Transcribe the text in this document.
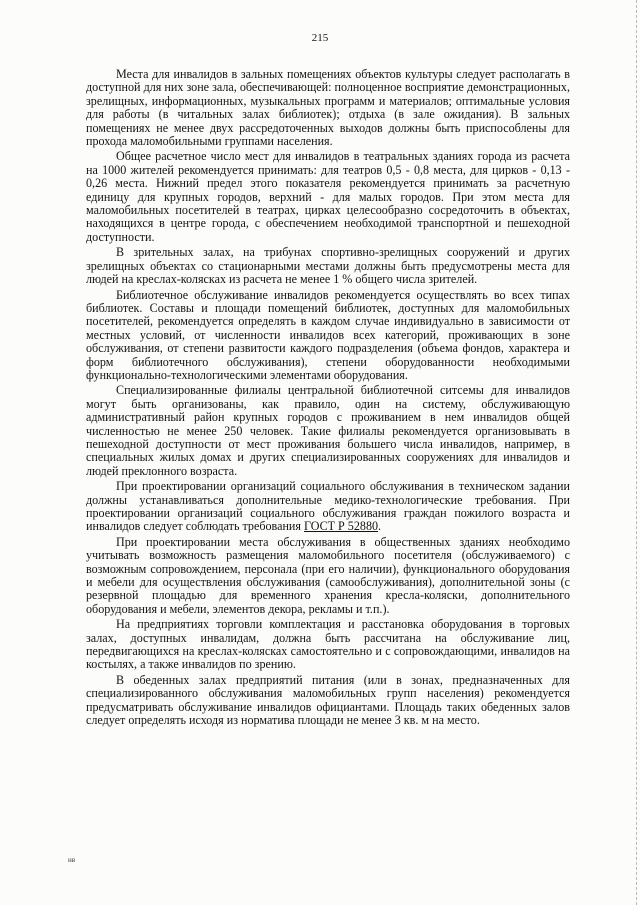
215

Места для инвалидов в зальных помещениях объектов культуры следует располагать в доступной для них зоне зала, обеспечивающей: полноценное восприятие демонстрационных, зрелищных, информационных, музыкальных программ и материалов; оптимальные условия для работы (в читальных залах библиотек); отдыха (в зале ожидания). В зальных помещениях не менее двух рассредоточенных выходов должны быть приспособлены для прохода маломобильными группами населения.

Общее расчетное число мест для инвалидов в театральных зданиях города из расчета на 1000 жителей рекомендуется принимать: для театров 0,5 - 0,8 места, для цирков - 0,13 - 0,26 места. Нижний предел этого показателя рекомендуется принимать за расчетную единицу для крупных городов, верхний - для малых городов. При этом места для маломобильных посетителей в театрах, цирках целесообразно сосредоточить в объектах, находящихся в центре города, с обеспечением необходимой транспортной и пешеходной доступности.

В зрительных залах, на трибунах спортивно-зрелищных сооружений и других зрелищных объектах со стационарными местами должны быть предусмотрены места для людей на креслах-колясках из расчета не менее 1 % общего числа зрителей.

Библиотечное обслуживание инвалидов рекомендуется осуществлять во всех типах библиотек. Составы и площади помещений библиотек, доступных для маломобильных посетителей, рекомендуется определять в каждом случае индивидуально в зависимости от местных условий, от численности инвалидов всех категорий, проживающих в зоне обслуживания, от степени развитости каждого подразделения (объема фондов, характера и форм библиотечного обслуживания), степени оборудованности необходимыми функционально-технологическими элементами оборудования.

Специализированные филиалы центральной библиотечной ситсемы для инвалидов могут быть организованы, как правило, один на систему, обслуживающую административный район крупных городов с проживанием в нем инвалидов общей численностью не менее 250 человек. Такие филиалы рекомендуется организовывать в пешеходной доступности от мест проживания большего числа инвалидов, например, в специальных жилых домах и других специализированных сооружениях для инвалидов и людей преклонного возраста.

При проектировании организаций социального обслуживания в техническом задании должны устанавливаться дополнительные медико-технологические требования. При проектировании организаций социального обслуживания граждан пожилого возраста и инвалидов следует соблюдать требования ГОСТ Р 52880.

При проектировании места обслуживания в общественных зданиях необходимо учитывать возможность размещения маломобильного посетителя (обслуживаемого) с возможным сопровождением, персонала (при его наличии), функционального оборудования и мебели для осуществления обслуживания (самообслуживания), дополнительной зоны (с резервной площадью для временного хранения кресла-коляски, дополнительного оборудования и мебели, элементов декора, рекламы и т.п.).

На предприятиях торговли комплектация и расстановка оборудования в торговых залах, доступных инвалидам, должна быть рассчитана на обслуживание лиц, передвигающихся на креслах-колясках самостоятельно и с сопровождающими, инвалидов на костылях, а также инвалидов по зрению.

В обеденных залах предприятий питания (или в зонах, предназначенных для специализированного обслуживания маломобильных групп населения) рекомендуется предусматривать обслуживание инвалидов официантами. Площадь таких обеденных залов следует определять исходя из норматива площади не менее 3 кв. м на место.

нв
